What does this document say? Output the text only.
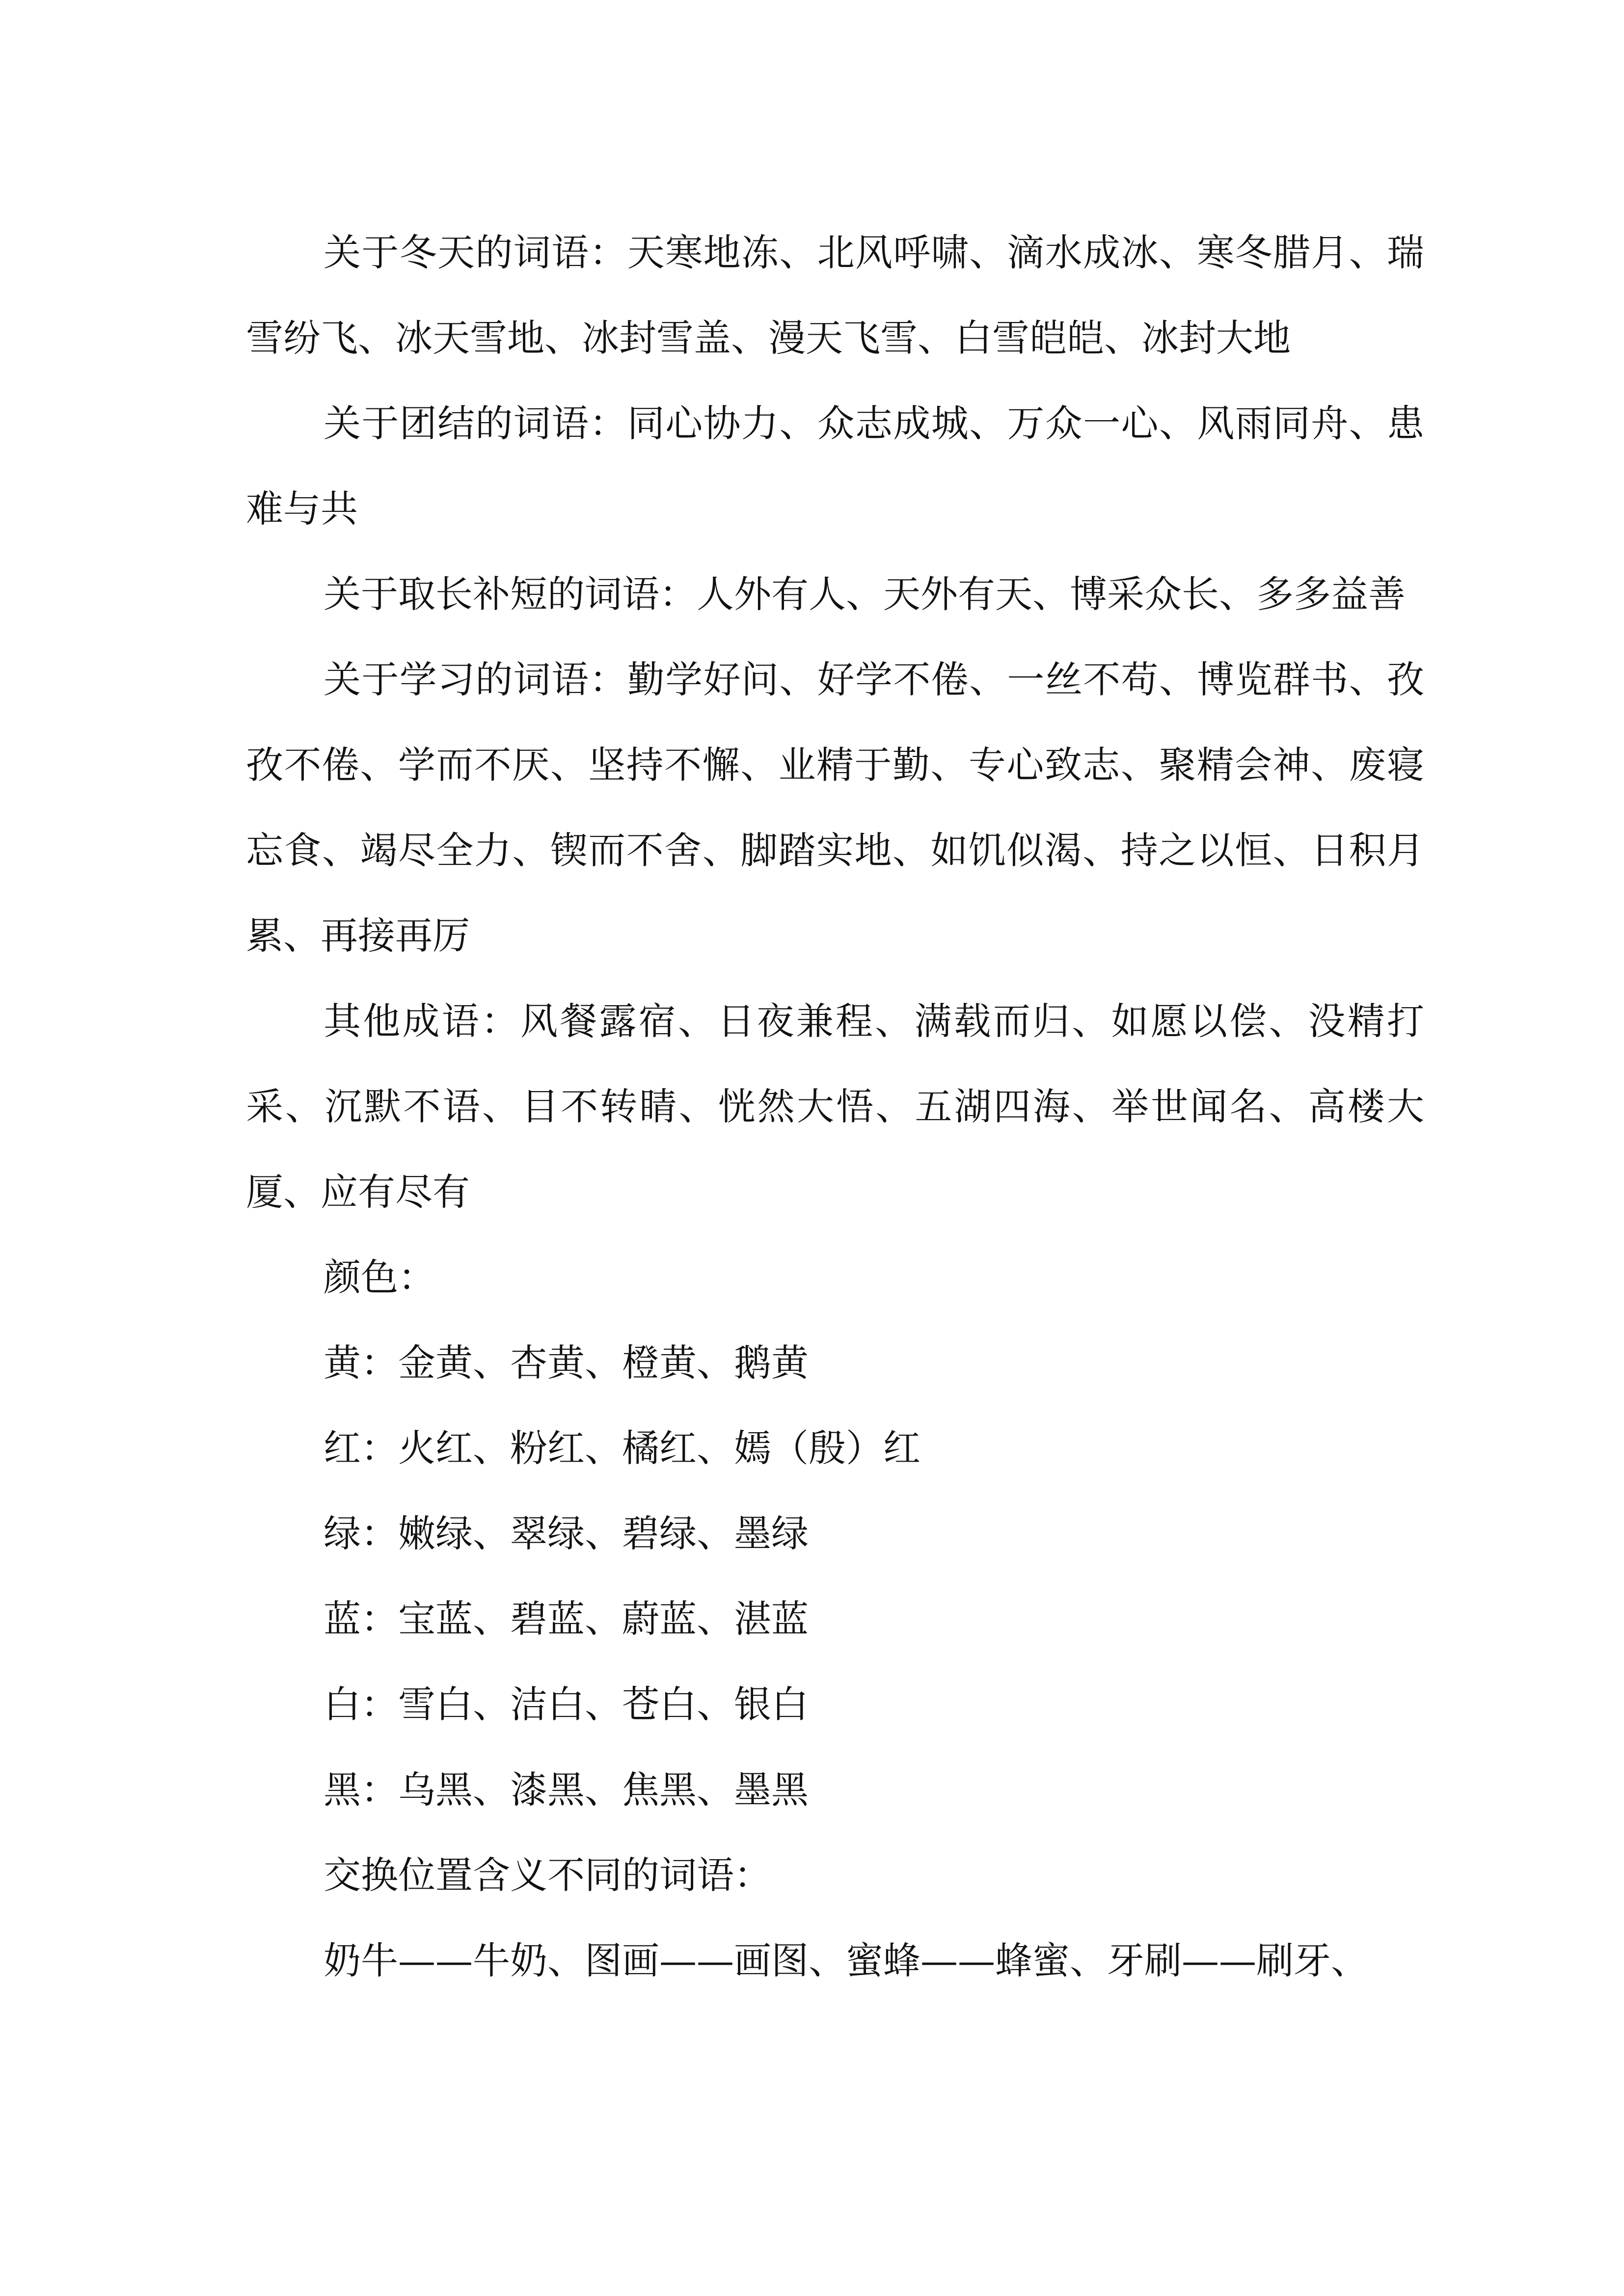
关于冬天的词语：天寒地冻、北风呼啸、滴水成冰、寒冬腊月、瑞雪纷飞、冰天雪地、冰封雪盖、漫天飞雪、白雪皑皑、冰封大地

关于团结的词语：同心协力、众志成城、万众一心、风雨同舟、患难与共

关于取长补短的词语：人外有人、天外有天、博采众长、多多益善

关于学习的词语：勤学好问、好学不倦、一丝不苟、博览群书、孜孜不倦、学而不厌、坚持不懈、业精于勤、专心致志、聚精会神、废寝忘食、竭尽全力、锲而不舍、脚踏实地、如饥似渴、持之以恒、日积月累、再接再厉

其他成语：风餐露宿、日夜兼程、满载而归、如愿以偿、没精打采、沉默不语、目不转睛、恍然大悟、五湖四海、举世闻名、高楼大厦、应有尽有

颜色：

黄：金黄、杏黄、橙黄、鹅黄

红：火红、粉红、橘红、嫣（殷）红

绿：嫩绿、翠绿、碧绿、墨绿

蓝：宝蓝、碧蓝、蔚蓝、湛蓝

白：雪白、洁白、苍白、银白

黑：乌黑、漆黑、焦黑、墨黑

交换位置含义不同的词语：

奶牛——牛奶、图画——画图、蜜蜂——蜂蜜、牙刷——刷牙、
